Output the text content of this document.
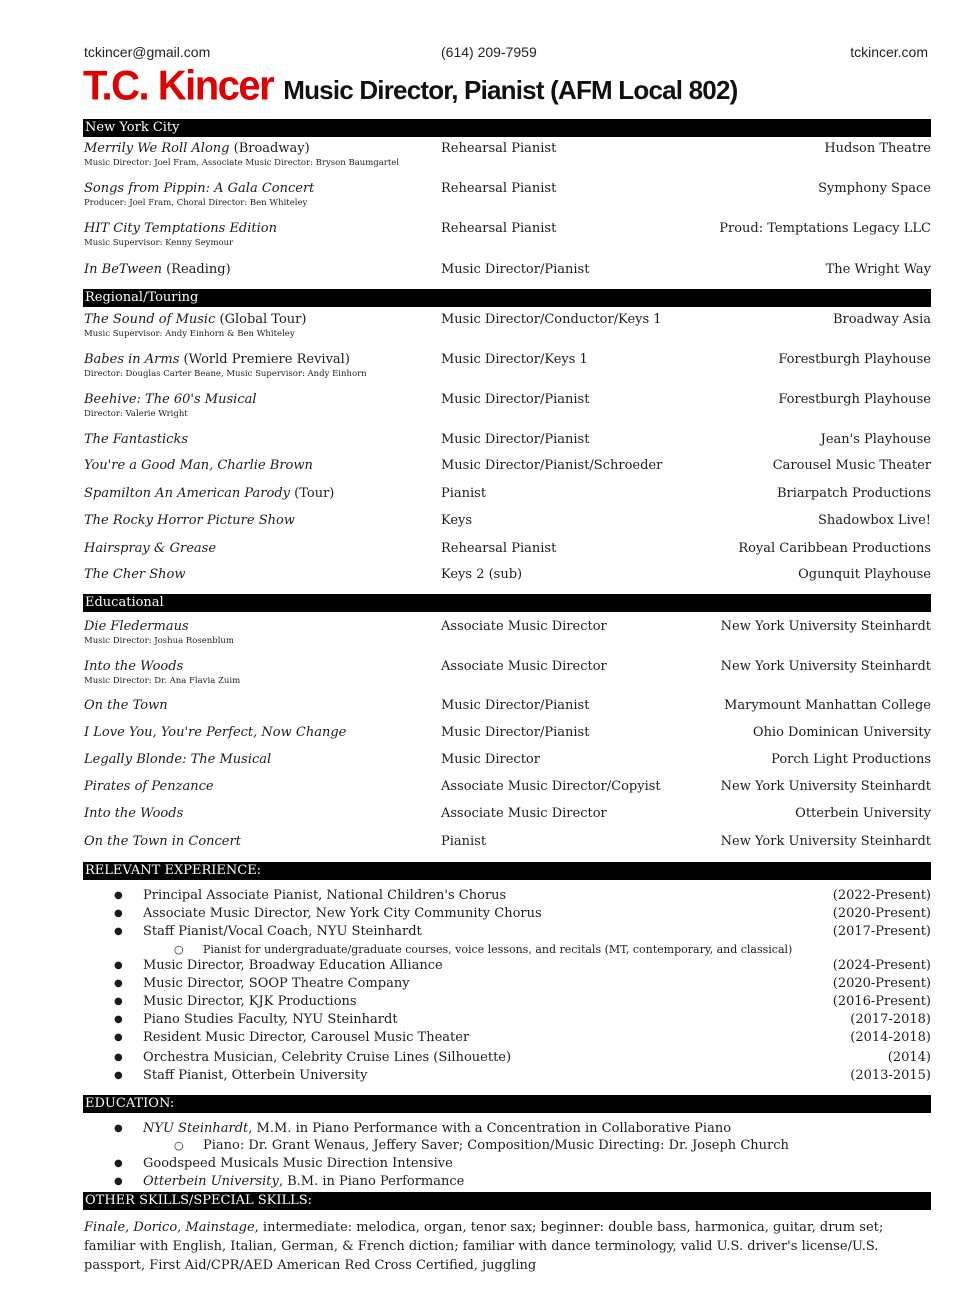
tckincer@gmail.com	(614) 209-7959	tckincer.com
T.C. Kincer Music Director, Pianist (AFM Local 802)
New York City
Merrily We Roll Along (Broadway)	Rehearsal Pianist	Hudson Theatre
Music Director: Joel Fram, Associate Music Director: Bryson Baumgartel
Songs from Pippin: A Gala Concert	Rehearsal Pianist	Symphony Space
Producer: Joel Fram, Choral Director: Ben Whiteley
HIT City Temptations Edition	Rehearsal Pianist	Proud: Temptations Legacy LLC
Music Supervisor: Kenny Seymour
In BeTween (Reading)	Music Director/Pianist	The Wright Way
Regional/Touring
The Sound of Music (Global Tour)	Music Director/Conductor/Keys 1	Broadway Asia
Music Supervisor: Andy Einhorn & Ben Whiteley
Babes in Arms (World Premiere Revival)	Music Director/Keys 1	Forestburgh Playhouse
Director: Douglas Carter Beane, Music Supervisor: Andy Einhorn
Beehive: The 60's Musical	Music Director/Pianist	Forestburgh Playhouse
Director: Valerie Wright
The Fantasticks	Music Director/Pianist	Jean's Playhouse
You're a Good Man, Charlie Brown	Music Director/Pianist/Schroeder	Carousel Music Theater
Spamilton An American Parody (Tour)	Pianist	Briarpatch Productions
The Rocky Horror Picture Show	Keys	Shadowbox Live!
Hairspray & Grease	Rehearsal Pianist	Royal Caribbean Productions
The Cher Show	Keys 2 (sub)	Ogunquit Playhouse
Educational
Die Fledermaus	Associate Music Director	New York University Steinhardt
Music Director: Joshua Rosenblum
Into the Woods	Associate Music Director	New York University Steinhardt
Music Director: Dr. Ana Flavia Zuim
On the Town	Music Director/Pianist	Marymount Manhattan College
I Love You, You're Perfect, Now Change	Music Director/Pianist	Ohio Dominican University
Legally Blonde: The Musical	Music Director	Porch Light Productions
Pirates of Penzance	Associate Music Director/Copyist	New York University Steinhardt
Into the Woods	Associate Music Director	Otterbein University
On the Town in Concert	Pianist	New York University Steinhardt
RELEVANT EXPERIENCE:
● Principal Associate Pianist, National Children's Chorus	(2022-Present)
● Associate Music Director, New York City Community Chorus	(2020-Present)
● Staff Pianist/Vocal Coach, NYU Steinhardt	(2017-Present)
○ Pianist for undergraduate/graduate courses, voice lessons, and recitals (MT, contemporary, and classical)
● Music Director, Broadway Education Alliance	(2024-Present)
● Music Director, SOOP Theatre Company	(2020-Present)
● Music Director, KJK Productions	(2016-Present)
● Piano Studies Faculty, NYU Steinhardt	(2017-2018)
● Resident Music Director, Carousel Music Theater	(2014-2018)
● Orchestra Musician, Celebrity Cruise Lines (Silhouette)	(2014)
● Staff Pianist, Otterbein University	(2013-2015)
EDUCATION:
● NYU Steinhardt, M.M. in Piano Performance with a Concentration in Collaborative Piano
○ Piano: Dr. Grant Wenaus, Jeffery Saver; Composition/Music Directing: Dr. Joseph Church
● Goodspeed Musicals Music Direction Intensive
● Otterbein University, B.M. in Piano Performance
OTHER SKILLS/SPECIAL SKILLS:
Finale, Dorico, Mainstage, intermediate: melodica, organ, tenor sax; beginner: double bass, harmonica, guitar, drum set; familiar with English, Italian, German, & French diction; familiar with dance terminology, valid U.S. driver's license/U.S. passport, First Aid/CPR/AED American Red Cross Certified, juggling
